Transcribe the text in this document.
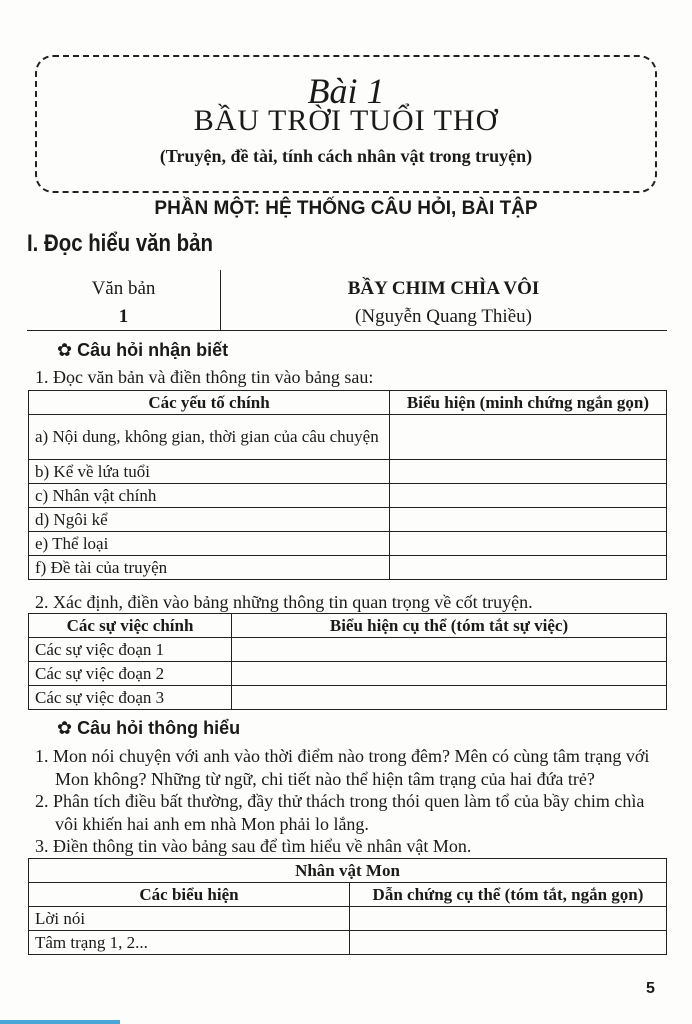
Bài 1
BẦU TRỜI TUỔI THƠ
(Truyện, đề tài, tính cách nhân vật trong truyện)
PHẦN MỘT: HỆ THỐNG CÂU HỎI, BÀI TẬP
I. Đọc hiểu văn bản
Văn bản
1
BẦY CHIM CHÌA VÔI
(Nguyễn Quang Thiều)
✿ Câu hỏi nhận biết
1. Đọc văn bản và điền thông tin vào bảng sau:
Các yếu tố chính	Biểu hiện (minh chứng ngắn gọn)
a) Nội dung, không gian, thời gian của câu chuyện	
b) Kể về lứa tuổi	
c) Nhân vật chính	
d) Ngôi kể	
e) Thể loại	
f) Đề tài của truyện	
2. Xác định, điền vào bảng những thông tin quan trọng về cốt truyện.
Các sự việc chính	Biểu hiện cụ thể (tóm tắt sự việc)
Các sự việc đoạn 1	
Các sự việc đoạn 2	
Các sự việc đoạn 3	
✿ Câu hỏi thông hiểu
1. Mon nói chuyện với anh vào thời điểm nào trong đêm? Mên có cùng tâm trạng với Mon không? Những từ ngữ, chi tiết nào thể hiện tâm trạng của hai đứa trẻ?
2. Phân tích điều bất thường, đầy thử thách trong thói quen làm tổ của bầy chim chìa vôi khiến hai anh em nhà Mon phải lo lắng.
3. Điền thông tin vào bảng sau để tìm hiểu về nhân vật Mon.
Nhân vật Mon	
Các biểu hiện	Dẫn chứng cụ thể (tóm tắt, ngắn gọn)
Lời nói	
Tâm trạng 1, 2...	
5
